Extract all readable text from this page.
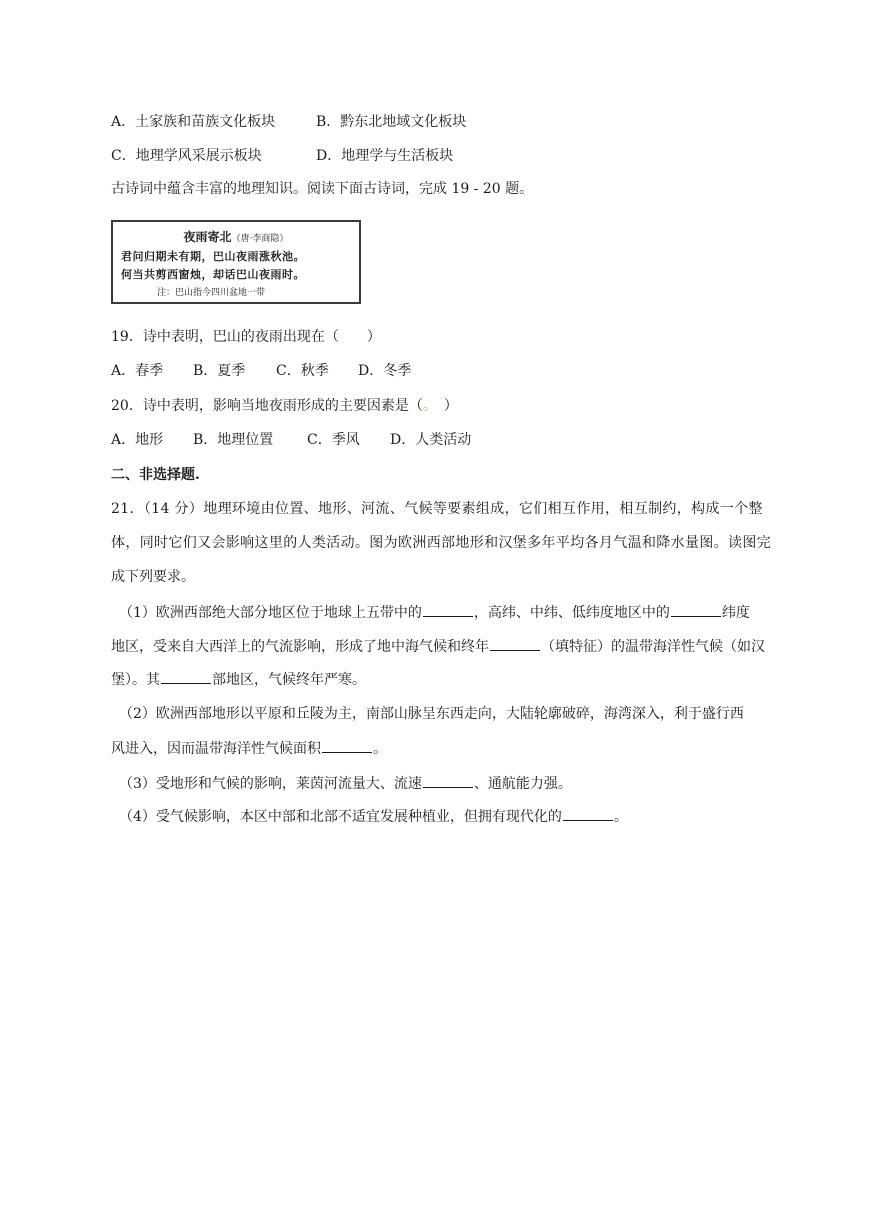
A．土家族和苗族文化板块	B．黔东北地域文化板块
C．地理学风采展示板块	D．地理学与生活板块
古诗词中蕴含丰富的地理知识。阅读下面古诗词，完成 19 - 20 题。
夜雨寄北（唐·李商隐）
君问归期未有期，巴山夜雨涨秋池。
何当共剪西窗烛，却话巴山夜雨时。
注：巴山指今四川盆地一带
19．诗中表明，巴山的夜雨出现在（　　）
A．春季 B．夏季 C．秋季 D．冬季
20．诗中表明，影响当地夜雨形成的主要因素是（。　）
A．地形 B．地理位置 C．季风 D．人类活动
二、非选择题.
21．（14 分）地理环境由位置、地形、河流、气候等要素组成，它们相互作用，相互制约，构成一个整
体，同时它们又会影响这里的人类活动。图为欧洲西部地形和汉堡多年平均各月气温和降水量图。读图完
成下列要求。
（1）欧洲西部绝大部分地区位于地球上五带中的	，高纬、中纬、低纬度地区中的	纬度
地区，受来自大西洋上的气流影响，形成了地中海气候和终年	（填特征）的温带海洋性气候（如汉
堡）。其	部地区，气候终年严寒。
（2）欧洲西部地形以平原和丘陵为主，南部山脉呈东西走向，大陆轮廓破碎，海湾深入，利于盛行西
风进入，因而温带海洋性气候面积	。
（3）受地形和气候的影响，莱茵河流量大、流速	、通航能力强。
（4）受气候影响，本区中部和北部不适宜发展种植业，但拥有现代化的	。
